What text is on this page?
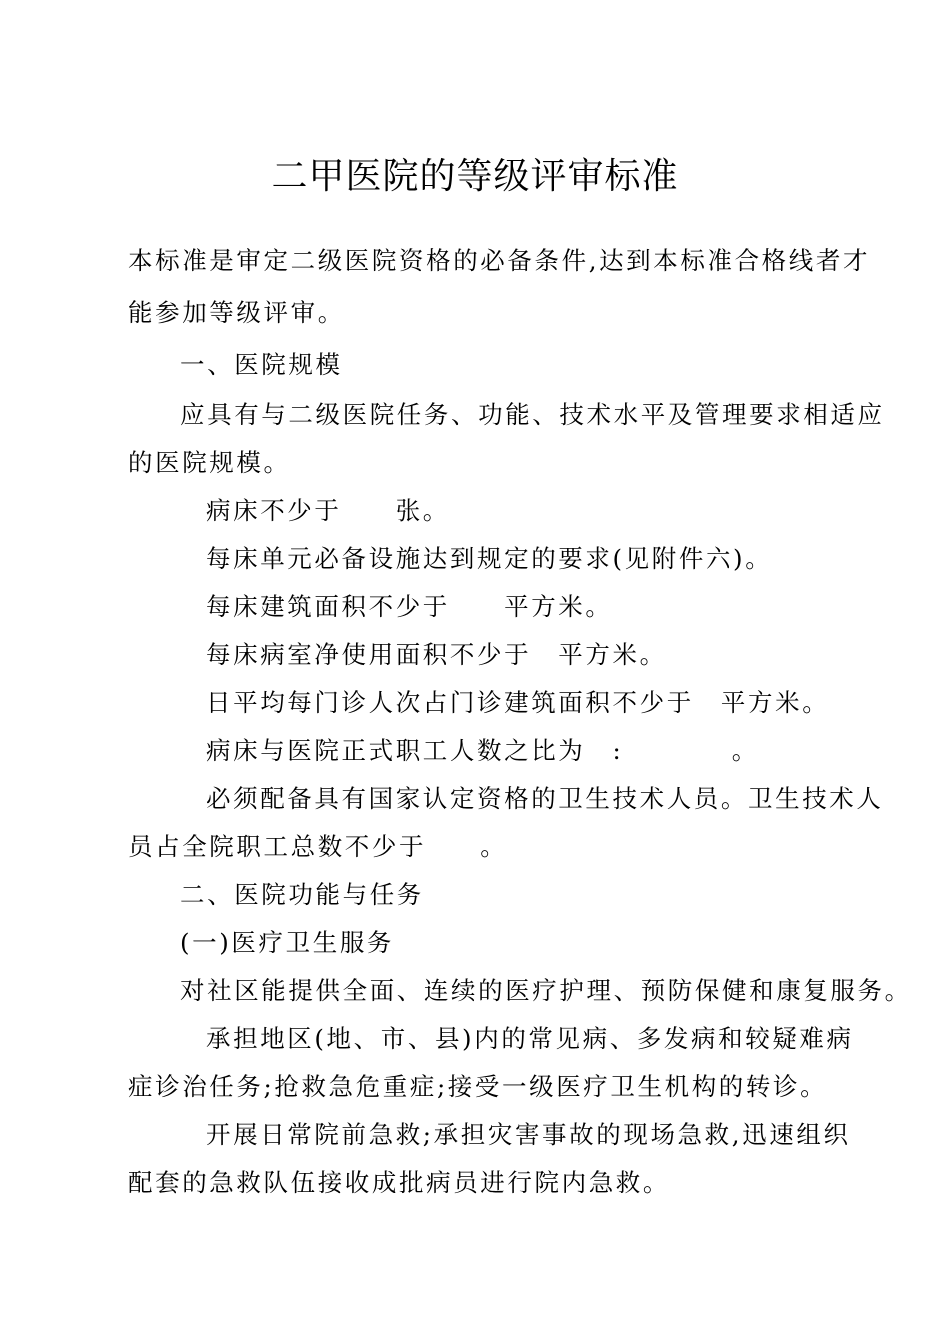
二甲医院的等级评审标准
本标准是审定二级医院资格的必备条件,达到本标准合格线者才
能参加等级评审。
一、医院规模
应具有与二级医院任务、功能、技术水平及管理要求相适应
的医院规模。
病床不少于　　张。
每床单元必备设施达到规定的要求(见附件六)。
每床建筑面积不少于　　平方米。
每床病室净使用面积不少于　平方米。
日平均每门诊人次占门诊建筑面积不少于　平方米。
病床与医院正式职工人数之比为　:　　　　。
必须配备具有国家认定资格的卫生技术人员。卫生技术人
员占全院职工总数不少于　　。
二、医院功能与任务
(一)医疗卫生服务
对社区能提供全面、连续的医疗护理、预防保健和康复服务。
承担地区(地、市、县)内的常见病、多发病和较疑难病
症诊治任务;抢救急危重症;接受一级医疗卫生机构的转诊。
开展日常院前急救;承担灾害事故的现场急救,迅速组织
配套的急救队伍接收成批病员进行院内急救。
